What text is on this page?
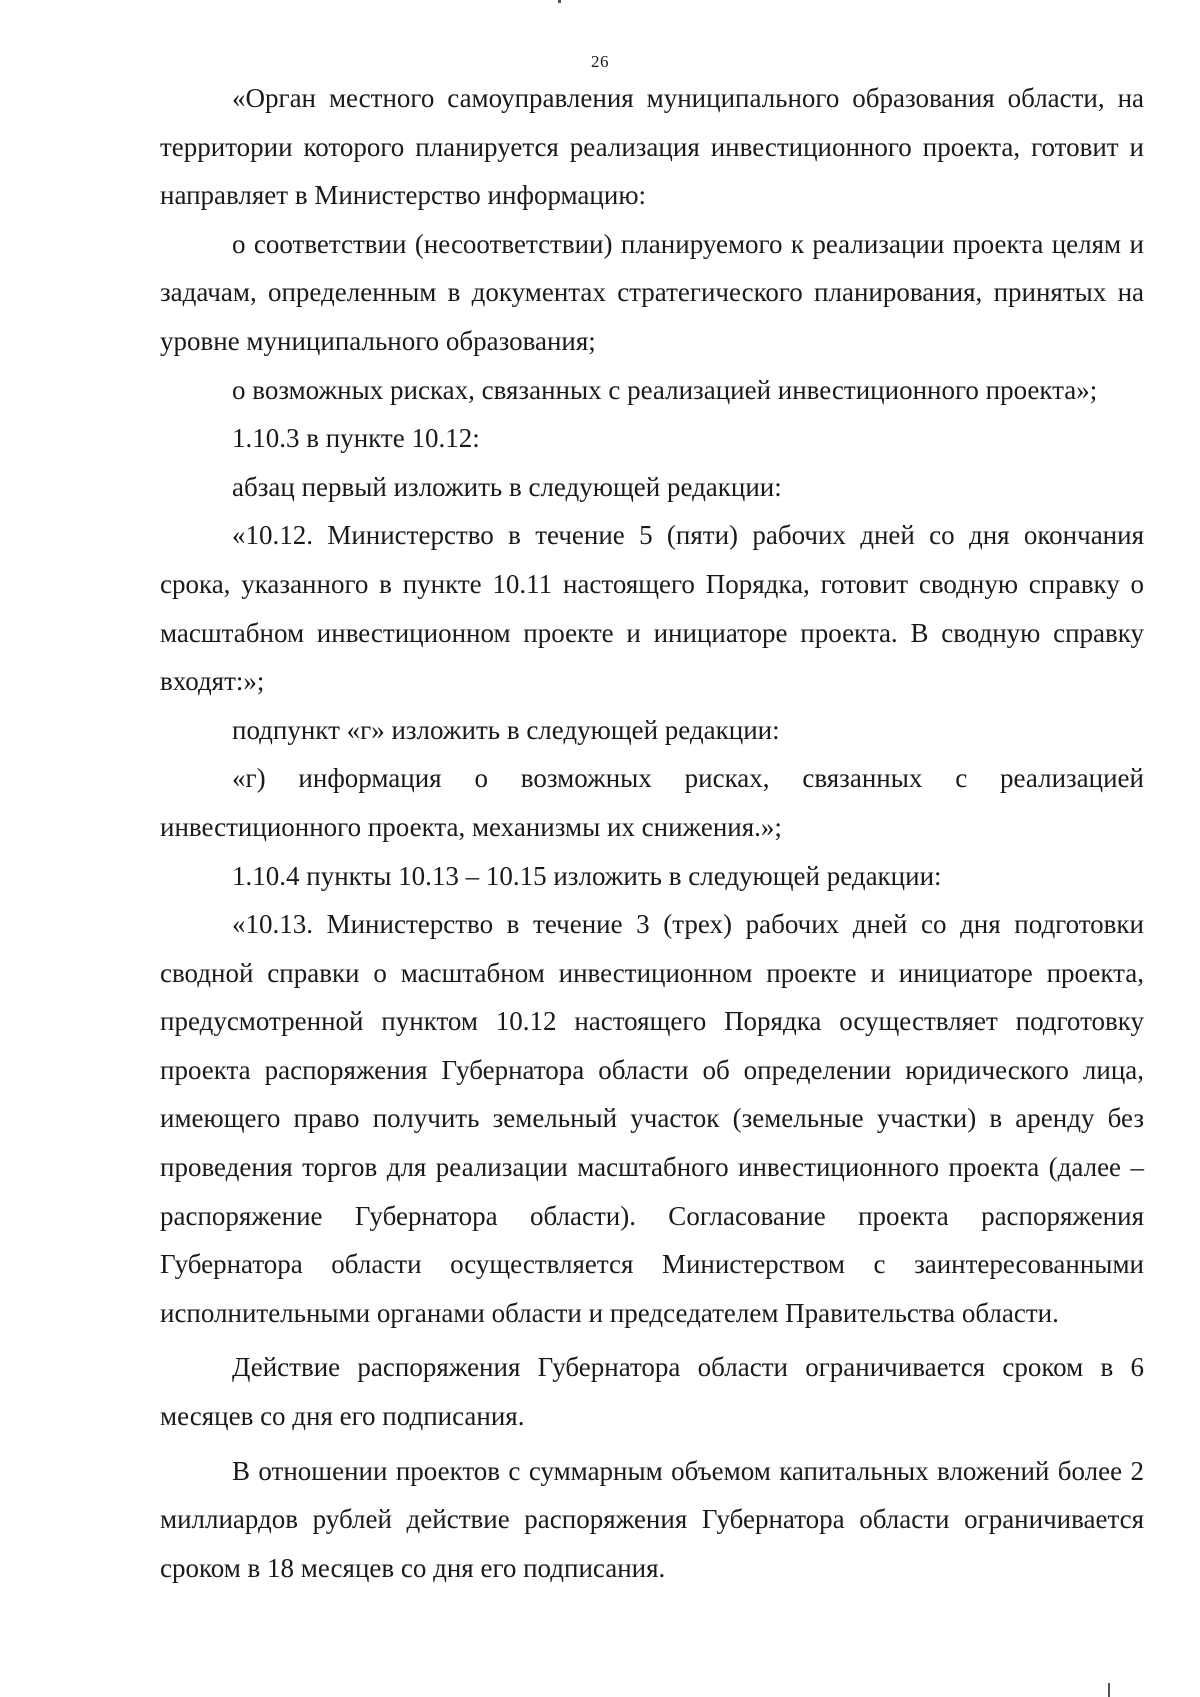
26

«Орган местного самоуправления муниципального образования области, на территории которого планируется реализация инвестиционного проекта, готовит и направляет в Министерство информацию:

о соответствии (несоответствии) планируемого к реализации проекта целям и задачам, определенным в документах стратегического планирования, принятых на уровне муниципального образования;

о возможных рисках, связанных с реализацией инвестиционного проекта»;

1.10.3 в пункте 10.12:

абзац первый изложить в следующей редакции:

«10.12. Министерство в течение 5 (пяти) рабочих дней со дня окончания срока, указанного в пункте 10.11 настоящего Порядка, готовит сводную справку о масштабном инвестиционном проекте и инициаторе проекта. В сводную справку входят:»;

подпункт «г» изложить в следующей редакции:

«г) информация о возможных рисках, связанных с реализацией инвестиционного проекта, механизмы их снижения.»;

1.10.4 пункты 10.13 – 10.15 изложить в следующей редакции:

«10.13. Министерство в течение 3 (трех) рабочих дней со дня подготовки сводной справки о масштабном инвестиционном проекте и инициаторе проекта, предусмотренной пунктом 10.12 настоящего Порядка осуществляет подготовку проекта распоряжения Губернатора области об определении юридического лица, имеющего право получить земельный участок (земельные участки) в аренду без проведения торгов для реализации масштабного инвестиционного проекта (далее – распоряжение Губернатора области). Согласование проекта распоряжения Губернатора области осуществляется Министерством с заинтересованными исполнительными органами области и председателем Правительства области.

Действие распоряжения Губернатора области ограничивается сроком в 6 месяцев со дня его подписания.

В отношении проектов с суммарным объемом капитальных вложений более 2 миллиардов рублей действие распоряжения Губернатора области ограничивается сроком в 18 месяцев со дня его подписания.
